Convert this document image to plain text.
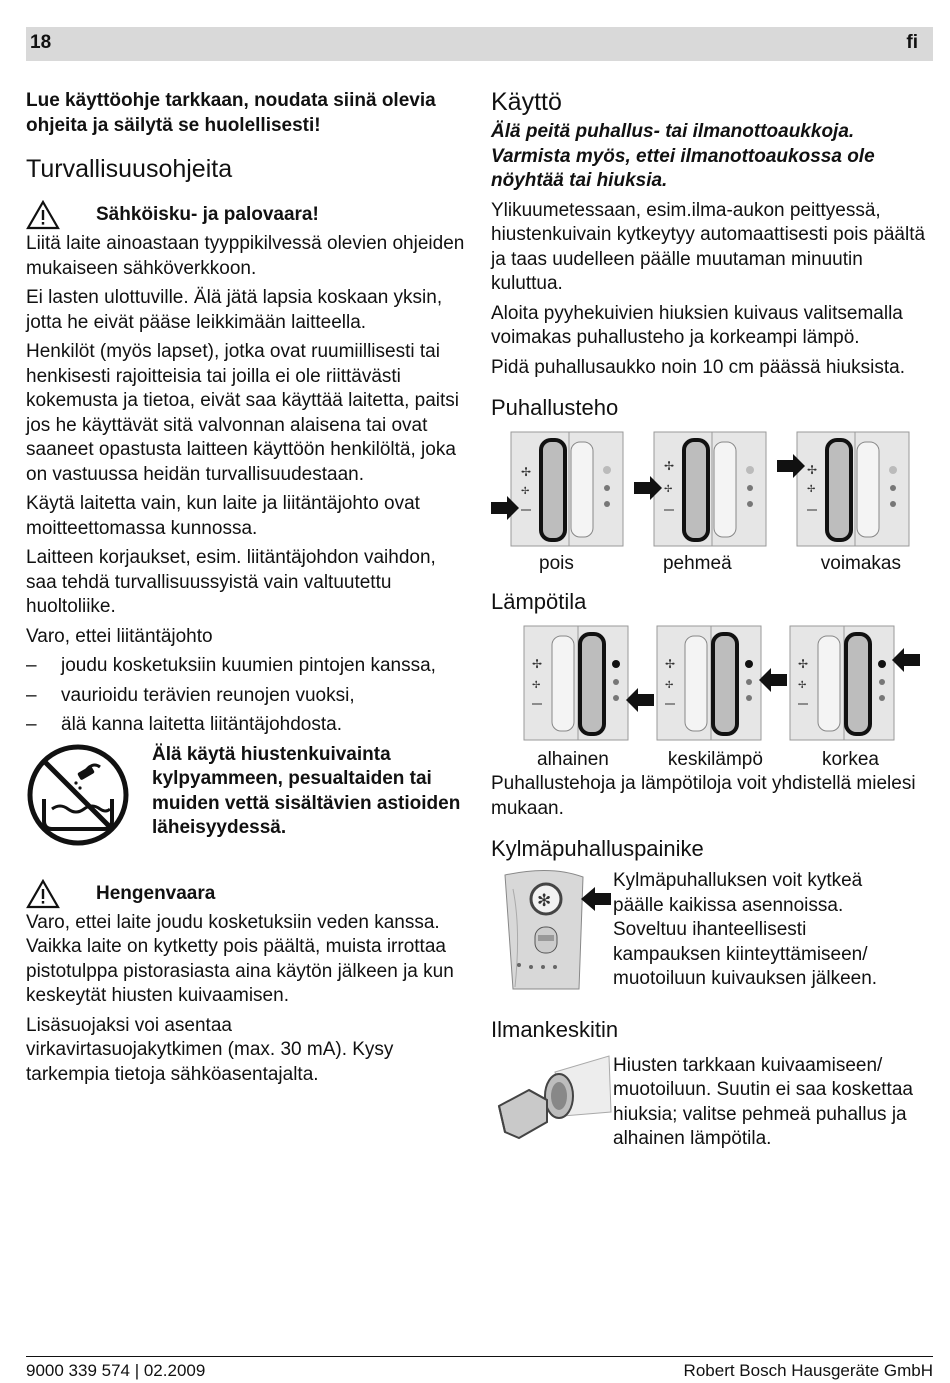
18	fi
Lue käyttöohje tarkkaan, noudata siinä olevia ohjeita ja säilytä se huolellisesti!
Turvallisuusohjeita
Sähköisku- ja palovaara!

Liitä laite ainoastaan tyyppikilvessä olevien ohjeiden mukaiseen sähköverkkoon.

Ei lasten ulottuville. Älä jätä lapsia koskaan yksin, jotta he eivät pääse leikkimään laitteella.

Henkilöt (myös lapset), jotka ovat ruumiillisesti tai henkisesti rajoitteisia tai joilla ei ole riittävästi kokemusta ja tietoa, eivät saa käyttää laitetta, paitsi jos he käyttävät sitä valvonnan alaisena tai ovat saaneet opastusta laitteen käyttöön henkilöltä, joka on vastuussa heidän turvallisuudestaan.

Käytä laitetta vain, kun laite ja liitäntäjohto ovat moitteettomassa kunnossa.

Laitteen korjaukset, esim. liitäntäjohdon vaihdon, saa tehdä turvallisuussyistä vain valtuutettu huoltoliike.

Varo, ettei liitäntäjohto

– joudu kosketuksiin kuumien pintojen kanssa,
– vaurioidu terävien reunojen vuoksi,
– älä kanna laitetta liitäntäjohdosta.
Älä käytä hiustenkuivainta kylpyammeen, pesualtaiden tai muiden vettä sisältävien astioiden läheisyydessä.
Hengenvaara

Varo, ettei laite joudu kosketuksiin veden kanssa. Vaikka laite on kytketty pois päältä, muista irrottaa pistotulppa pistorasiasta aina käytön jälkeen ja kun keskeytät hiusten kuivaamisen.

Lisäsuojaksi voi asentaa virkavirtasuojakytkimen (max. 30 mA). Kysy tarkempia tietoja sähköasentajalta.

Käyttö
Älä peitä puhallus- tai ilmanottoaukkoja. Varmista myös, ettei ilmanottoaukossa ole nöyhtää tai hiuksia.

Ylikuumetessaan, esim.ilma-aukon peittyessä, hiustenkuivain kytkeytyy automaattisesti pois päältä ja taas uudelleen päälle muutaman minuutin kuluttua.

Aloita pyyhekuivien hiuksien kuivaus valitsemalla voimakas puhallusteho ja korkeampi lämpö.

Pidä puhallusaukko noin 10 cm päässä hiuksista.

Puhallusteho
✢
✢
✢
✢
✢
✢
pois	pehmeä	voimakas
Lämpötila
✢
✢
✢
✢
✢
✢
alhainen	keskilämpö	korkea

Puhallustehoja ja lämpötiloja voit yhdistellä mielesi mukaan.

Kylmäpuhalluspainike
✻
Kylmäpuhalluksen voit kytkeä päälle kaikissa asennoissa. Soveltuu ihanteellisesti kampauksen kiinteyttämiseen/ muotoiluun kuivauksen jälkeen.
Ilmankeskitin
Hiusten tarkkaan kuivaamiseen/ muotoiluun. Suutin ei saa koskettaa hiuksia; valitse pehmeä puhallus ja alhainen lämpötila.
9000 339 574 | 02.2009	Robert Bosch Hausgeräte GmbH
